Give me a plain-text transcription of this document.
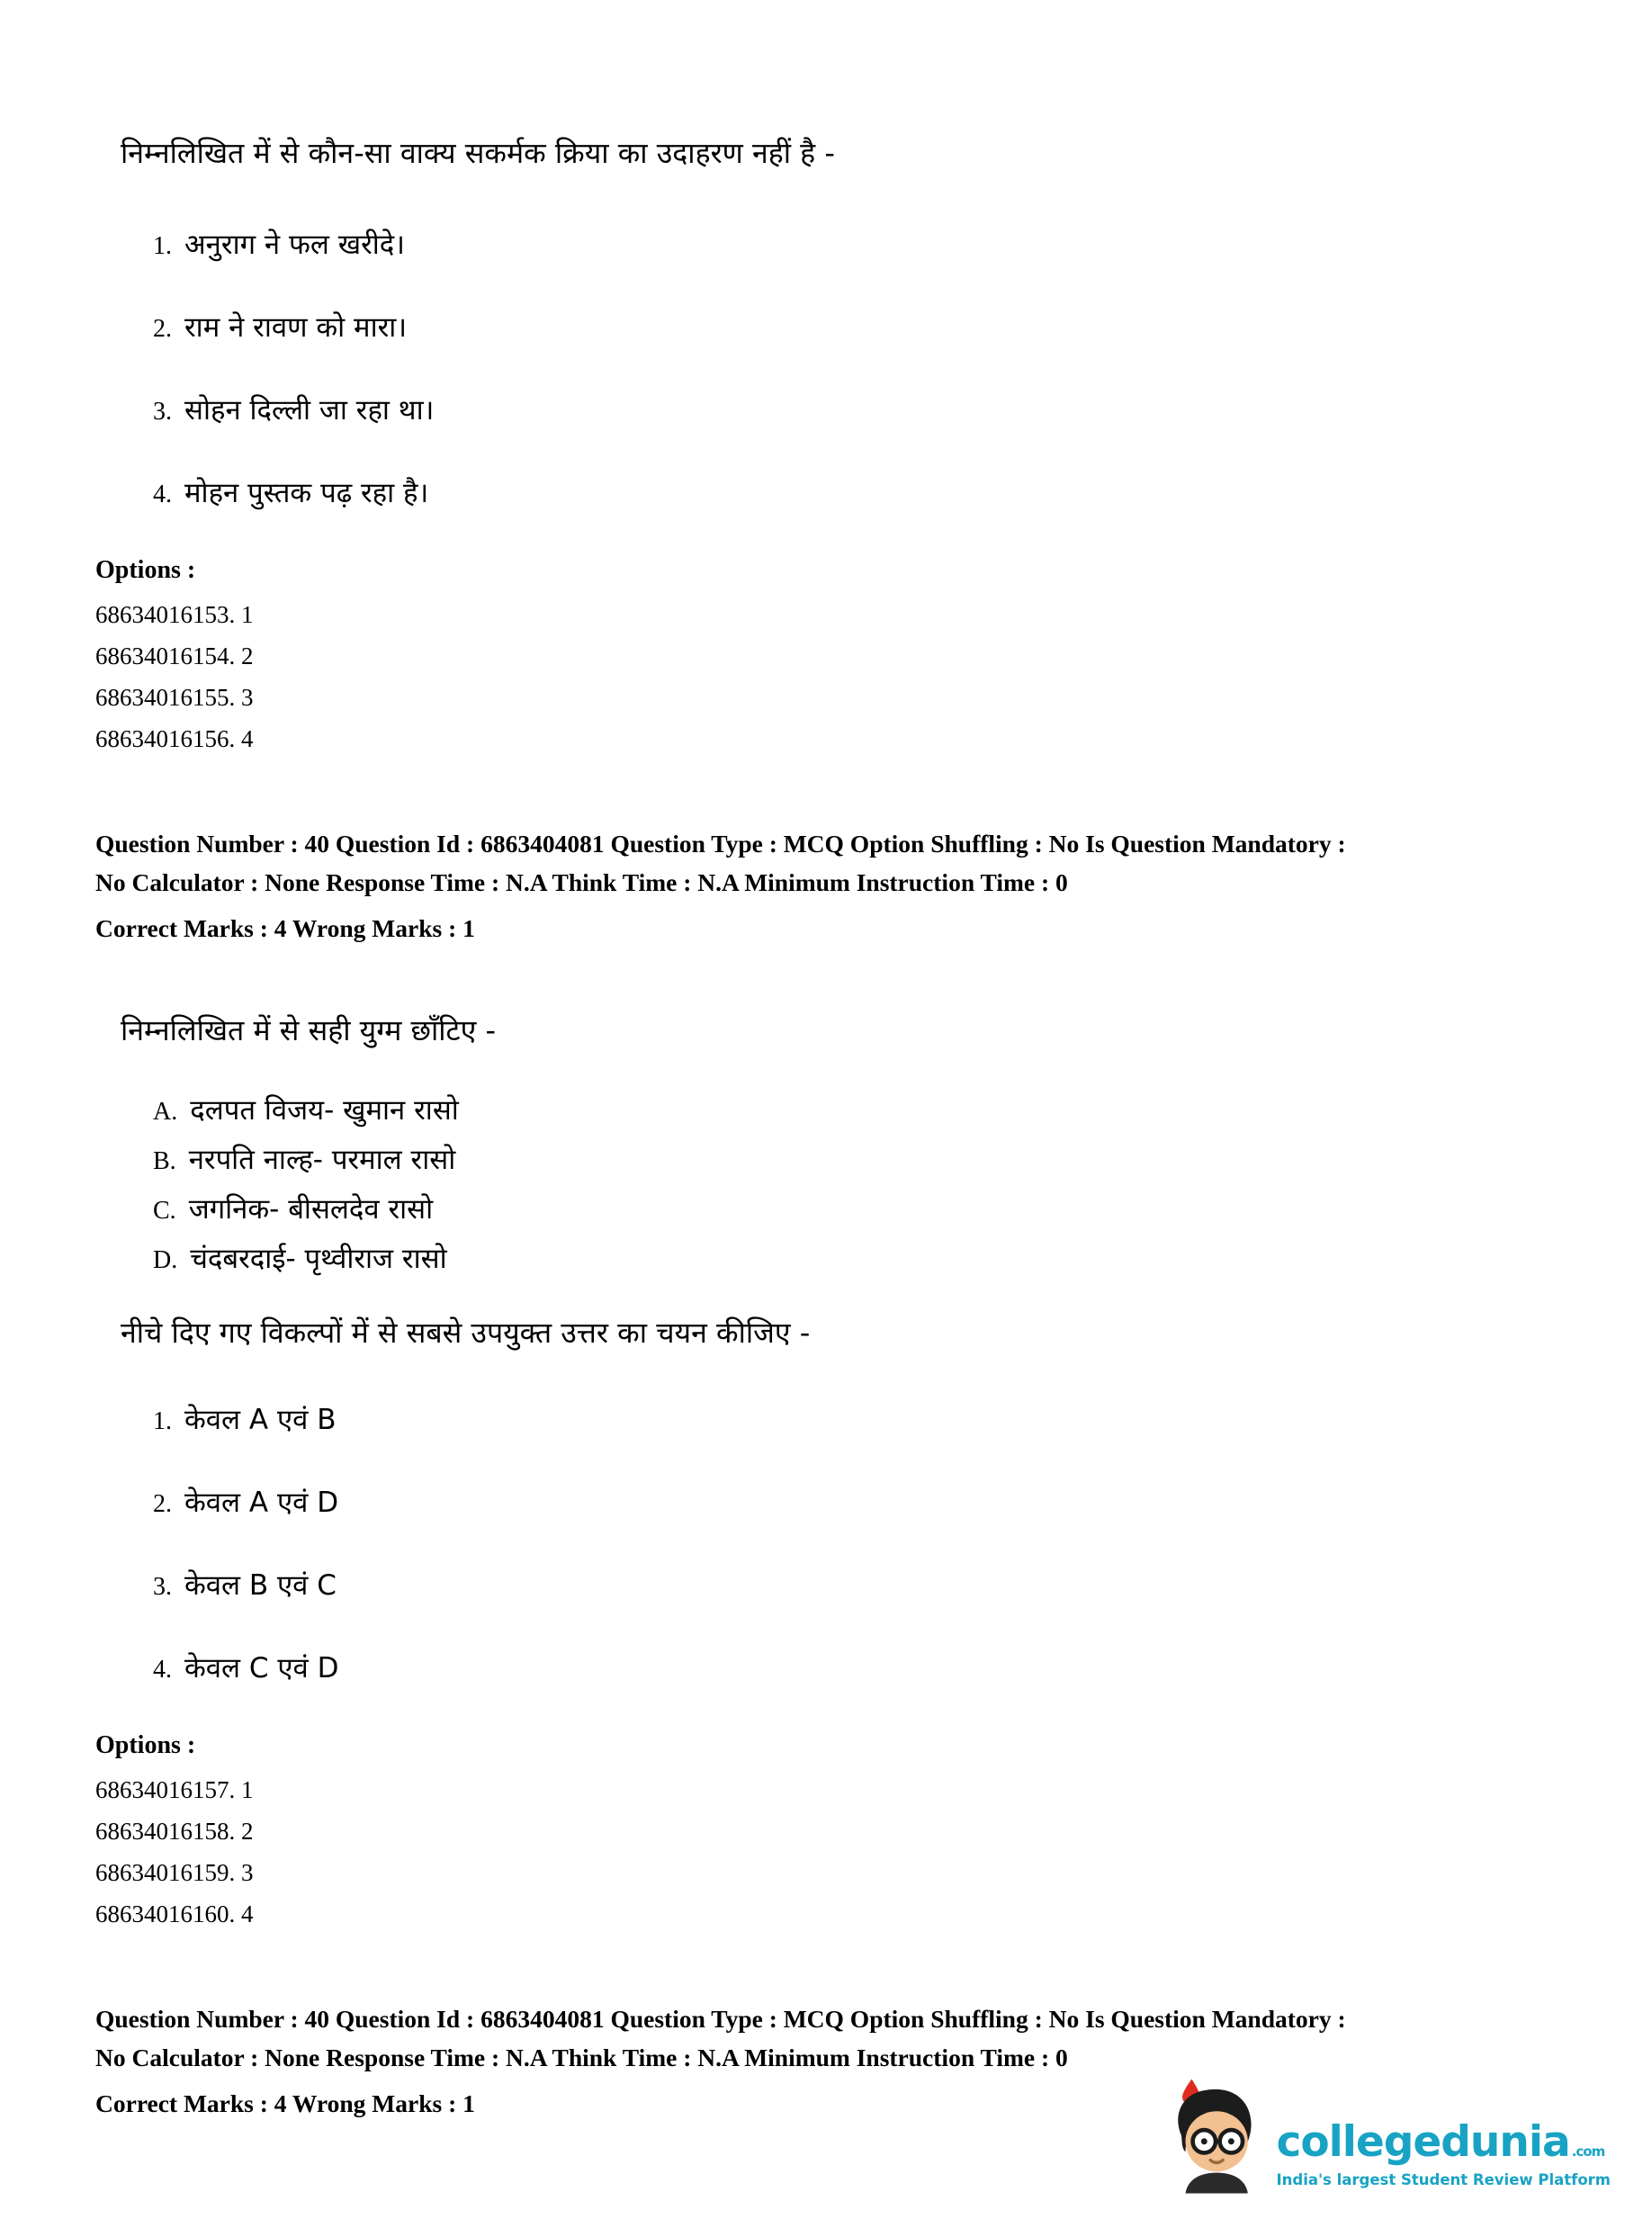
निम्नलिखित में से कौन-सा वाक्य सकर्मक क्रिया का उदाहरण नहीं है -

1. अनुराग ने फल खरीदे।
2. राम ने रावण को मारा।
3. सोहन दिल्ली जा रहा था।
4. मोहन पुस्तक पढ़ रहा है।
Options :
68634016153. 1
68634016154. 2
68634016155. 3
68634016156. 4
Question Number : 40 Question Id : 6863404081 Question Type : MCQ Option Shuffling : No Is Question Mandatory :
No Calculator : None Response Time : N.A Think Time : N.A Minimum Instruction Time : 0
Correct Marks : 4 Wrong Marks : 1

निम्नलिखित में से सही युग्म छाँटिए -

A. दलपत विजय- खुमान रासो
B. नरपति नाल्ह- परमाल रासो
C. जगनिक- बीसलदेव रासो
D. चंदबरदाई- पृथ्वीराज रासो

नीचे दिए गए विकल्पों में से सबसे उपयुक्त उत्तर का चयन कीजिए -

1. केवल A एवं B
2. केवल A एवं D
3. केवल B एवं C
4. केवल C एवं D
Options :
68634016157. 1
68634016158. 2
68634016159. 3
68634016160. 4
Question Number : 40 Question Id : 6863404081 Question Type : MCQ Option Shuffling : No Is Question Mandatory :
No Calculator : None Response Time : N.A Think Time : N.A Minimum Instruction Time : 0
Correct Marks : 4 Wrong Marks : 1
collegedunia .com
India's largest Student Review Platform
